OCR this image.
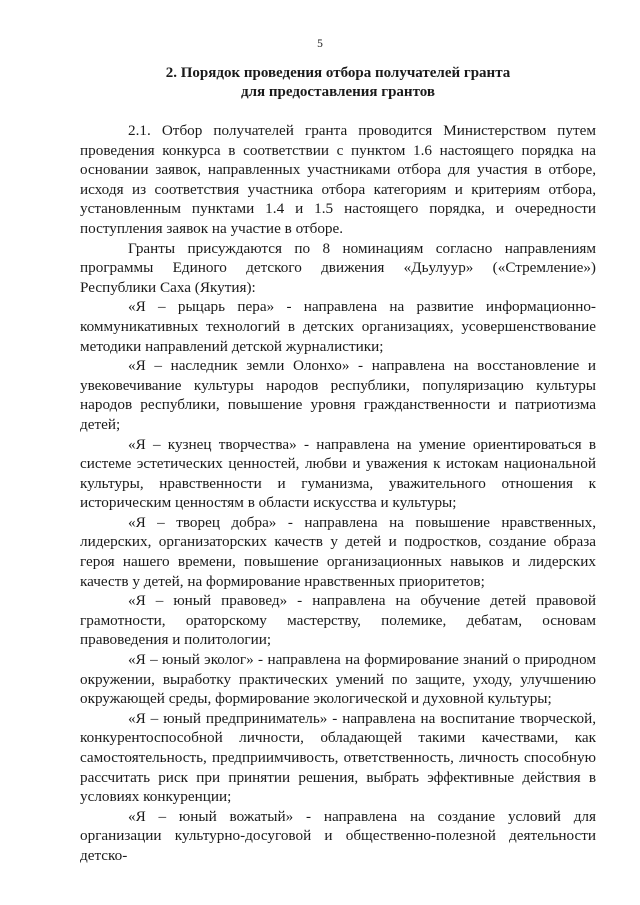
5
2. Порядок проведения отбора получателей гранта
для предоставления грантов

2.1. Отбор получателей гранта проводится Министерством путем проведения конкурса в соответствии с пунктом 1.6 настоящего порядка на основании заявок, направленных участниками отбора для участия в отборе, исходя из соответствия участника отбора категориям и критериям отбора, установленным пунктами 1.4 и 1.5 настоящего порядка, и очередности поступления заявок на участие в отборе.

Гранты присуждаются по 8 номинациям согласно направлениям программы Единого детского движения «Дьулуур» («Стремление») Республики Саха (Якутия):

«Я – рыцарь пера» - направлена на развитие информационно-коммуникативных технологий в детских организациях, усовершенствование методики направлений детской журналистики;

«Я – наследник земли Олонхо» - направлена на восстановление и увековечивание культуры народов республики, популяризацию культуры народов республики, повышение уровня гражданственности и патриотизма детей;

«Я – кузнец творчества» - направлена на умение ориентироваться в системе эстетических ценностей, любви и уважения к истокам национальной культуры, нравственности и гуманизма, уважительного отношения к историческим ценностям в области искусства и культуры;

«Я – творец добра» - направлена на повышение нравственных, лидерских, организаторских качеств у детей и подростков, создание образа героя нашего времени, повышение организационных навыков и лидерских качеств у детей, на формирование нравственных приоритетов;

«Я – юный правовед» - направлена на обучение детей правовой грамотности, ораторскому мастерству, полемике, дебатам, основам правоведения и политологии;

«Я – юный эколог» - направлена на формирование знаний о природном окружении, выработку практических умений по защите, уходу, улучшению окружающей среды, формирование экологической и духовной культуры;

«Я – юный предприниматель» - направлена на воспитание творческой, конкурентоспособной личности, обладающей такими качествами, как самостоятельность, предприимчивость, ответственность, личность способную рассчитать риск при принятии решения, выбрать эффективные действия в условиях конкуренции;

«Я – юный вожатый» - направлена на создание условий для организации культурно-досуговой и общественно-полезной деятельности детско-
